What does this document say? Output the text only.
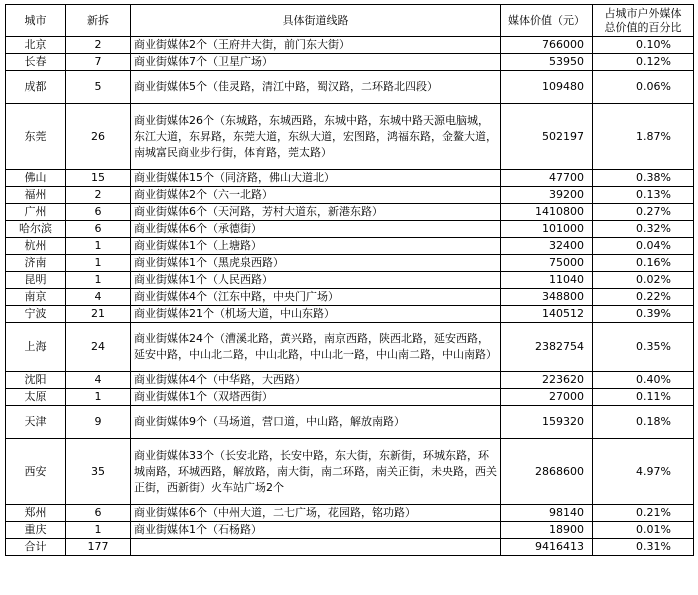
城市	新拆	具体街道线路	媒体价值（元）	占城市户外媒体
总价值的百分比
北京	2	商业街媒体2个（王府井大街，前门东大街）	766000	0.10%
长春	7	商业街媒体7个（卫星广场）	53950	0.12%
成都	5	商业街媒体5个（佳灵路，清江中路，蜀汉路，二环路北四段）	109480	0.06%
东莞	26	商业街媒体26个（东城路，东城西路，东城中路，东城中路天源电脑城，东江大道，东昇路，东莞大道，东纵大道，宏图路，鸿福东路，金鳌大道，南城富民商业步行街，体育路，莞太路）	502197	1.87%
佛山	15	商业街媒体15个（同济路，佛山大道北）	47700	0.38%
福州	2	商业街媒体2个（六一北路）	39200	0.13%
广州	6	商业街媒体6个（天河路，芳村大道东，新港东路）	1410800	0.27%
哈尔滨	6	商业街媒体6个（承德街）	101000	0.32%
杭州	1	商业街媒体1个（上塘路）	32400	0.04%
济南	1	商业街媒体1个（黑虎泉西路）	75000	0.16%
昆明	1	商业街媒体1个（人民西路）	11040	0.02%
南京	4	商业街媒体4个（江东中路，中央门广场）	348800	0.22%
宁波	21	商业街媒体21个（机场大道，中山东路）	140512	0.39%
上海	24	商业街媒体24个（漕溪北路，黄兴路，南京西路，陕西北路，延安西路，延安中路，中山北二路，中山北路，中山北一路，中山南二路，中山南路）	2382754	0.35%
沈阳	4	商业街媒体4个（中华路，大西路）	223620	0.40%
太原	1	商业街媒体1个（双塔西街）	27000	0.11%
天津	9	商业街媒体9个（马场道，营口道，中山路，解放南路）	159320	0.18%
西安	35	商业街媒体33个（长安北路，长安中路，东大街，东新街，环城东路，环城南路，环城西路，解放路，南大街，南二环路，南关正街，未央路，西关正街，西新街）火车站广场2个	2868600	4.97%
郑州	6	商业街媒体6个（中州大道，二七广场，花园路，铭功路）	98140	0.21%
重庆	1	商业街媒体1个（石杨路）	18900	0.01%
合计	177		9416413	0.31%
